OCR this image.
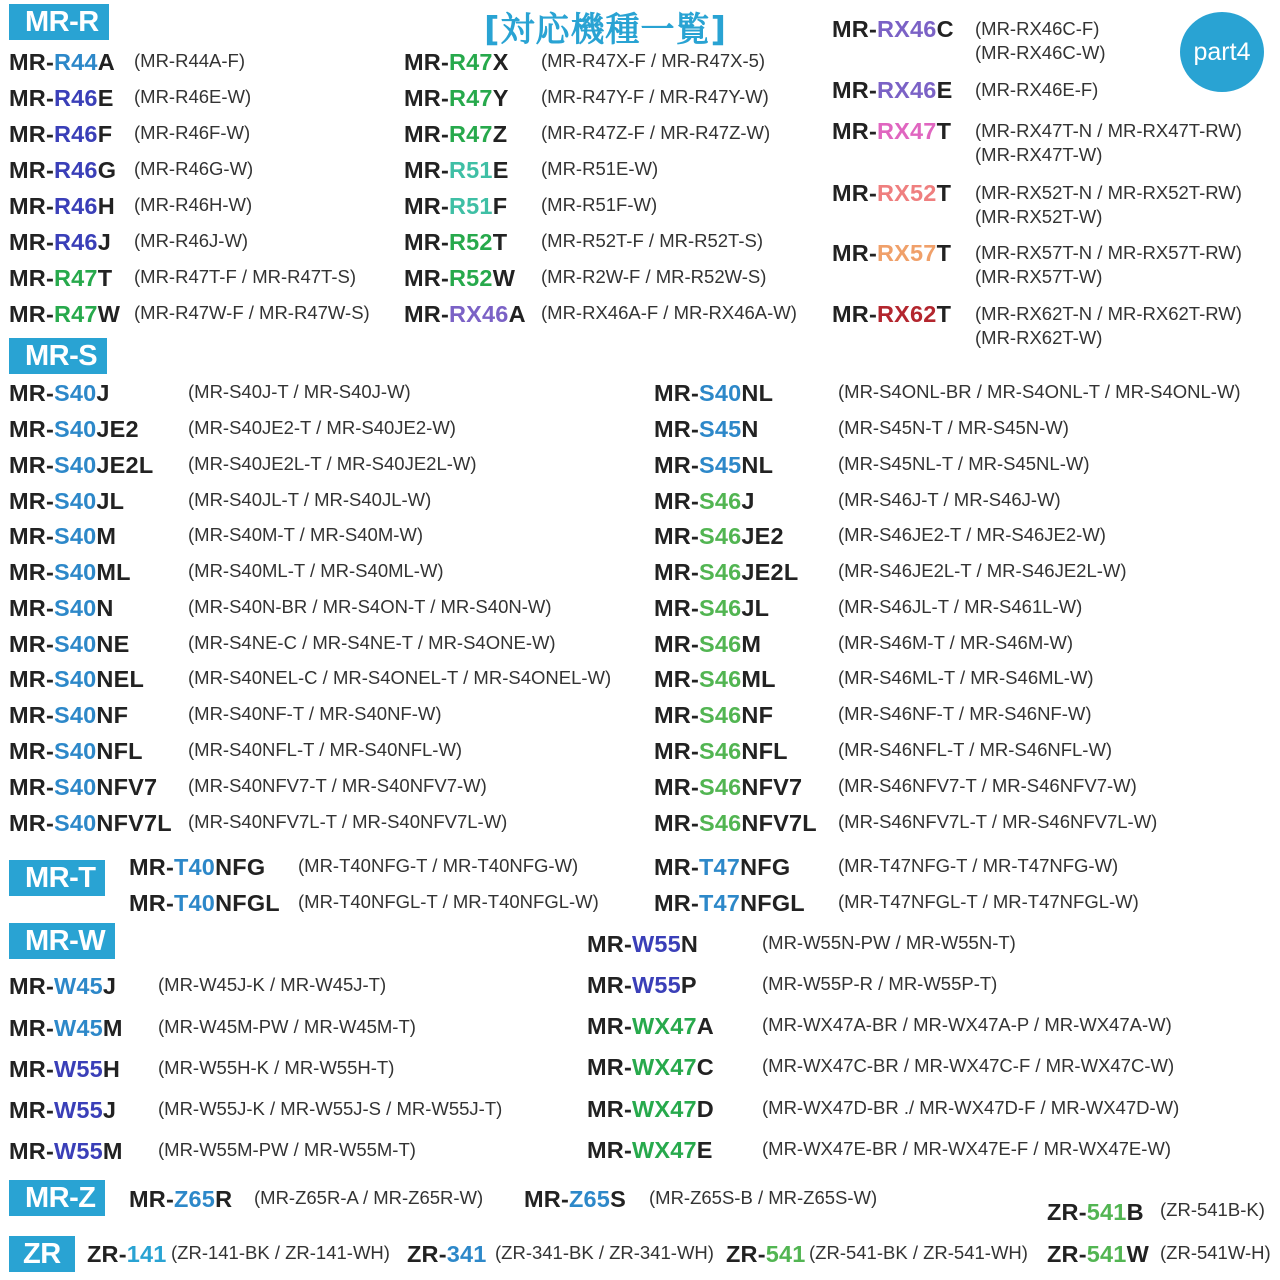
[対応機種一覧]
part4
MR-R
MR-S
MR-T
MR-W
MR-Z
ZR
MR-R44A (MR-R44A-F)
MR-R46E (MR-R46E-W)
MR-R46F (MR-R46F-W)
MR-R46G (MR-R46G-W)
MR-R46H (MR-R46H-W)
MR-R46J (MR-R46J-W)
MR-R47T (MR-R47T-F / MR-R47T-S)
MR-R47W (MR-R47W-F / MR-R47W-S)
MR-R47X (MR-R47X-F / MR-R47X-5)
MR-R47Y (MR-R47Y-F / MR-R47Y-W)
MR-R47Z (MR-R47Z-F / MR-R47Z-W)
MR-R51E (MR-R51E-W)
MR-R51F (MR-R51F-W)
MR-R52T (MR-R52T-F / MR-R52T-S)
MR-R52W (MR-R2W-F / MR-R52W-S)
MR-RX46A (MR-RX46A-F / MR-RX46A-W)
MR-RX46C (MR-RX46C-F)
(MR-RX46C-W)
MR-RX46E (MR-RX46E-F)
MR-RX47T (MR-RX47T-N / MR-RX47T-RW)
(MR-RX47T-W)
MR-RX52T (MR-RX52T-N / MR-RX52T-RW)
(MR-RX52T-W)
MR-RX57T (MR-RX57T-N / MR-RX57T-RW)
(MR-RX57T-W)
MR-RX62T (MR-RX62T-N / MR-RX62T-RW)
(MR-RX62T-W)
MR-S40J	(MR-S40J-T / MR-S40J-W)
MR-S40JE2	(MR-S40JE2-T / MR-S40JE2-W)
MR-S40JE2L (MR-S40JE2L-T / MR-S40JE2L-W)
MR-S40JL	(MR-S40JL-T / MR-S40JL-W)
MR-S40M	(MR-S40M-T / MR-S40M-W)
MR-S40ML	(MR-S40ML-T / MR-S40ML-W)
MR-S40N	(MR-S40N-BR / MR-S4ON-T / MR-S40N-W)
MR-S40NE	(MR-S4NE-C / MR-S4NE-T / MR-S4ONE-W)
MR-S40NEL (MR-S40NEL-C / MR-S4ONEL-T / MR-S4ONEL-W)
MR-S40NF	(MR-S40NF-T / MR-S40NF-W)
MR-S40NFL (MR-S40NFL-T / MR-S40NFL-W)
MR-S40NFV7 (MR-S40NFV7-T / MR-S40NFV7-W)
MR-S40NFV7L (MR-S40NFV7L-T / MR-S40NFV7L-W)
MR-S40NL	(MR-S4ONL-BR / MR-S4ONL-T / MR-S4ONL-W)
MR-S45N	(MR-S45N-T / MR-S45N-W)
MR-S45NL	(MR-S45NL-T / MR-S45NL-W)
MR-S46J	(MR-S46J-T / MR-S46J-W)
MR-S46JE2	(MR-S46JE2-T / MR-S46JE2-W)
MR-S46JE2L (MR-S46JE2L-T / MR-S46JE2L-W)
MR-S46JL	(MR-S46JL-T / MR-S461L-W)
MR-S46M	(MR-S46M-T / MR-S46M-W)
MR-S46ML	(MR-S46ML-T / MR-S46ML-W)
MR-S46NF	(MR-S46NF-T / MR-S46NF-W)
MR-S46NFL	(MR-S46NFL-T / MR-S46NFL-W)
MR-S46NFV7 (MR-S46NFV7-T / MR-S46NFV7-W)
MR-S46NFV7L (MR-S46NFV7L-T / MR-S46NFV7L-W)
MR-T40NFG (MR-T40NFG-T / MR-T40NFG-W)
MR-T40NFGL (MR-T40NFGL-T / MR-T40NFGL-W)
MR-T47NFG	(MR-T47NFG-T / MR-T47NFG-W)
MR-T47NFGL (MR-T47NFGL-T / MR-T47NFGL-W)
MR-W45J (MR-W45J-K / MR-W45J-T)
MR-W45M (MR-W45M-PW / MR-W45M-T)
MR-W55H (MR-W55H-K / MR-W55H-T)
MR-W55J (MR-W55J-K / MR-W55J-S / MR-W55J-T)
MR-W55M (MR-W55M-PW / MR-W55M-T)
MR-W55N	(MR-W55N-PW / MR-W55N-T)
MR-W55P	(MR-W55P-R / MR-W55P-T)
MR-WX47A	(MR-WX47A-BR / MR-WX47A-P / MR-WX47A-W)
MR-WX47C	(MR-WX47C-BR / MR-WX47C-F / MR-WX47C-W)
MR-WX47D	(MR-WX47D-BR ./ MR-WX47D-F / MR-WX47D-W)
MR-WX47E	(MR-WX47E-BR / MR-WX47E-F / MR-WX47E-W)
MR-Z65R (MR-Z65R-A / MR-Z65R-W) MR-Z65S (MR-Z65S-B / MR-Z65S-W)
ZR-541B (ZR-541B-K)
ZR-141 (ZR-141-BK / ZR-141-WH) ZR-341 (ZR-341-BK / ZR-341-WH) ZR-541 (ZR-541-BK / ZR-541-WH) ZR-541W (ZR-541W-H)
